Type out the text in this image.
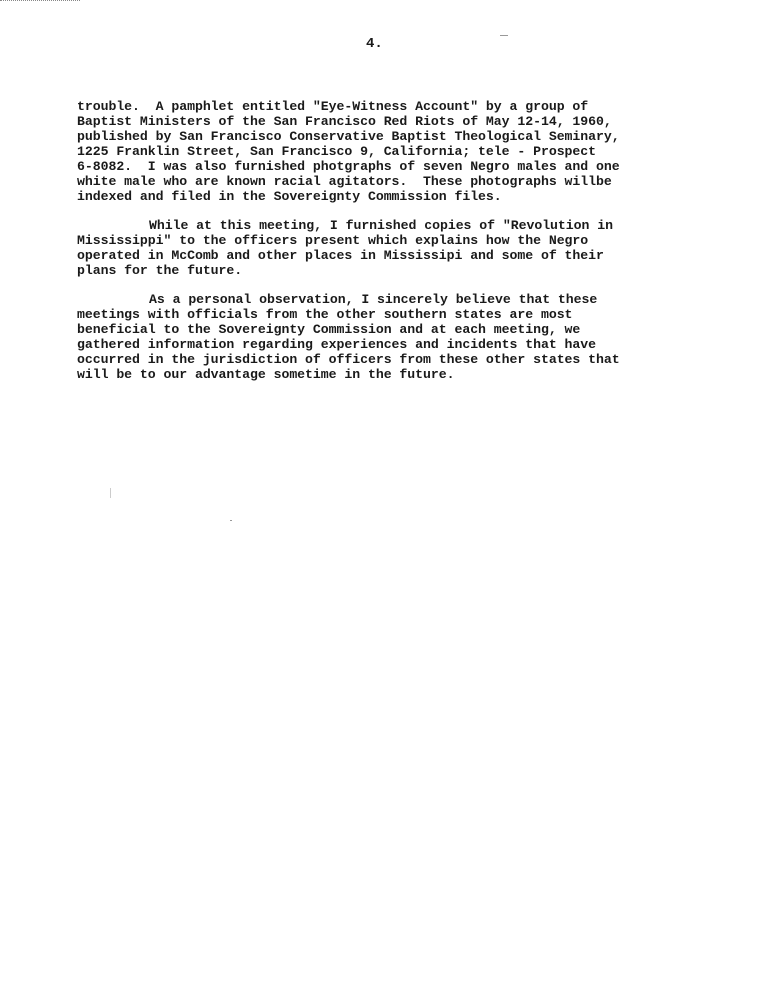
4.
trouble.  A pamphlet entitled "Eye-Witness Account" by a group of
Baptist Ministers of the San Francisco Red Riots of May 12-14, 1960,
published by San Francisco Conservative Baptist Theological Seminary,
1225 Franklin Street, San Francisco 9, California; tele - Prospect
6-8082.  I was also furnished photgraphs of seven Negro males and one
white male who are known racial agitators.  These photographs willbe
indexed and filed in the Sovereignty Commission files.
While at this meeting, I furnished copies of "Revolution in
Mississippi" to the officers present which explains how the Negro
operated in McComb and other places in Mississipi and some of their
plans for the future.
As a personal observation, I sincerely believe that these
meetings with officials from the other southern states are most
beneficial to the Sovereignty Commission and at each meeting, we
gathered information regarding experiences and incidents that have
occurred in the jurisdiction of officers from these other states that
will be to our advantage sometime in the future.
